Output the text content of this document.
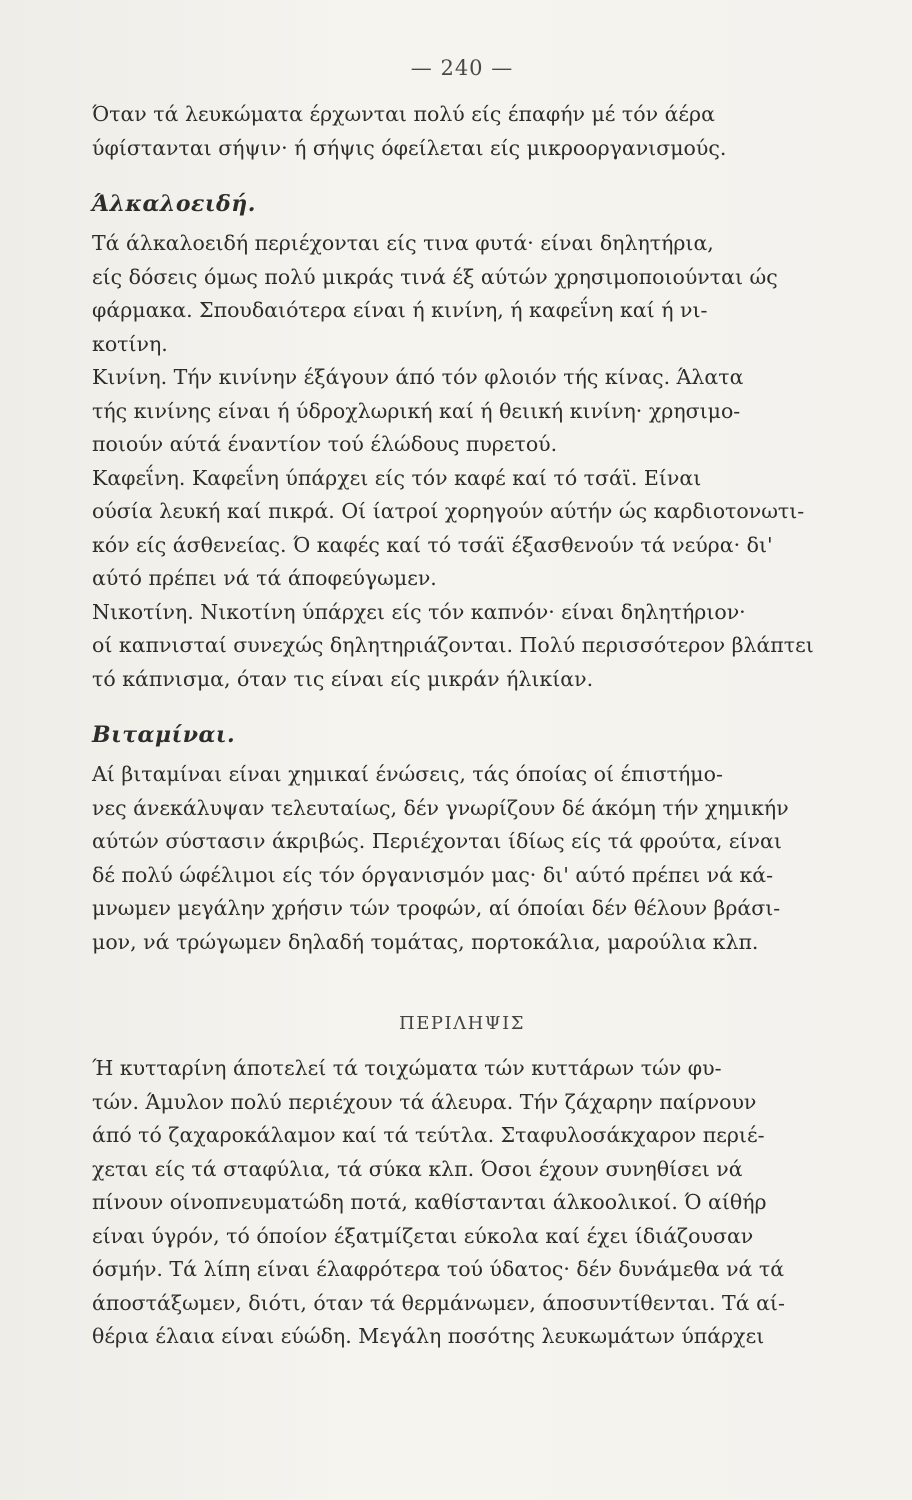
— 240 —

Όταν τά λευκώματα έρχωνται πολύ είς έπαφήν μέ τόν άέρα

ύφίστανται σήψιν· ή σήψις όφείλεται είς μικροοργανισμούς.

Άλκαλοειδή.

Τά άλκαλοειδή περιέχονται είς τινα φυτά· είναι δηλητήρια,

είς δόσεις όμως πολύ μικράς τινά έξ αύτών χρησιμοποιούνται ώς

φάρμακα. Σπουδαιότερα είναι ή κινίνη, ή καφεΐνη καί ή νι-

κοτίνη.

Κινίνη. Τήν κινίνην έξάγουν άπό τόν φλοιόν τής κίνας. Άλατα

τής κινίνης είναι ή ύδροχλωρική καί ή θειική κινίνη· χρησιμο-

ποιούν αύτά έναντίον τού έλώδους πυρετού.

Καφεΐνη. Καφεΐνη ύπάρχει είς τόν καφέ καί τό τσάϊ. Είναι

ούσία λευκή καί πικρά. Οί ίατροί χορηγούν αύτήν ώς καρδιοτονωτι-

κόν είς άσθενείας. Ό καφές καί τό τσάϊ έξασθενούν τά νεύρα· δι'

αύτό πρέπει νά τά άποφεύγωμεν.

Νικοτίνη. Νικοτίνη ύπάρχει είς τόν καπνόν· είναι δηλητήριον·

οί καπνισταί συνεχώς δηλητηριάζονται. Πολύ περισσότερον βλάπτει

τό κάπνισμα, όταν τις είναι είς μικράν ήλικίαν.

Βιταμίναι.

Αί βιταμίναι είναι χημικαί ένώσεις, τάς όποίας οί έπιστήμο-

νες άνεκάλυψαν τελευταίως, δέν γνωρίζουν δέ άκόμη τήν χημικήν

αύτών σύστασιν άκριβώς. Περιέχονται ίδίως είς τά φρούτα, είναι

δέ πολύ ώφέλιμοι είς τόν όργανισμόν μας· δι' αύτό πρέπει νά κά-

μνωμεν μεγάλην χρήσιν τών τροφών, αί όποίαι δέν θέλουν βράσι-

μον, νά τρώγωμεν δηλαδή τομάτας, πορτοκάλια, μαρούλια κλπ.

ΠΕΡΙΛΗΨΙΣ

Ή κυτταρίνη άποτελεί τά τοιχώματα τών κυττάρων τών φυ-

τών. Άμυλον πολύ περιέχουν τά άλευρα. Τήν ζάχαρην παίρνουν

άπό τό ζαχαροκάλαμον καί τά τεύτλα. Σταφυλοσάκχαρον περιέ-

χεται είς τά σταφύλια, τά σύκα κλπ. Όσοι έχουν συνηθίσει νά

πίνουν οίνοπνευματώδη ποτά, καθίστανται άλκοολικοί. Ό αίθήρ

είναι ύγρόν, τό όποίον έξατμίζεται εύκολα καί έχει ίδιάζουσαν

όσμήν. Τά λίπη είναι έλαφρότερα τού ύδατος· δέν δυνάμεθα νά τά

άποστάξωμεν, διότι, όταν τά θερμάνωμεν, άποσυντίθενται. Τά αί-

θέρια έλαια είναι εύώδη. Μεγάλη ποσότης λευκωμάτων ύπάρχει
